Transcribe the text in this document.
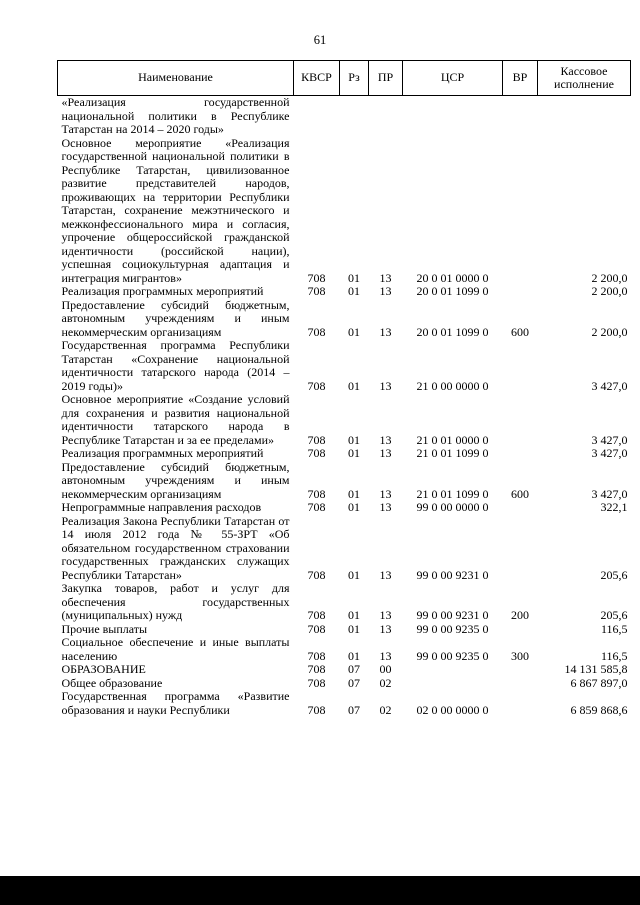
61
Наименование	КВСР	Рз	ПР	ЦСР	ВР	Кассовое исполнение
«Реализация государственной национальной политики в Республике Татарстан на 2014 – 2020 годы»						
Основное мероприятие «Реализация государственной национальной политики в Республике Татарстан, цивилизованное развитие представителей народов, проживающих на территории Республики Татарстан, сохранение межэтнического и межконфессионального мира и согласия, упрочение общероссийской гражданской идентичности (российской нации), успешная социокультурная адаптация и интеграция мигрантов»	708	01	13	20 0 01 0000 0		2 200,0
Реализация программных мероприятий	708	01	13	20 0 01 1099 0		2 200,0
Предоставление субсидий бюджетным, автономным учреждениям и иным некоммерческим организациям	708	01	13	20 0 01 1099 0	600	2 200,0
Государственная программа Республики Татарстан «Сохранение национальной идентичности татарского народа (2014 – 2019 годы)»	708	01	13	21 0 00 0000 0		3 427,0
Основное мероприятие «Создание условий для сохранения и развития национальной идентичности татарского народа в Республике Татарстан и за ее пределами»	708	01	13	21 0 01 0000 0		3 427,0
Реализация программных мероприятий	708	01	13	21 0 01 1099 0		3 427,0
Предоставление субсидий бюджетным, автономным учреждениям и иным некоммерческим организациям	708	01	13	21 0 01 1099 0	600	3 427,0
Непрограммные направления расходов	708	01	13	99 0 00 0000 0		322,1
Реализация Закона Республики Татарстан от 14 июля 2012 года № 55-ЗРТ «Об обязательном государственном страховании государственных гражданских служащих Республики Татарстан»	708	01	13	99 0 00 9231 0		205,6
Закупка товаров, работ и услуг для обеспечения государственных (муниципальных) нужд	708	01	13	99 0 00 9231 0	200	205,6
Прочие выплаты	708	01	13	99 0 00 9235 0		116,5
Социальное обеспечение и иные выплаты населению	708	01	13	99 0 00 9235 0	300	116,5
ОБРАЗОВАНИЕ	708	07	00			14 131 585,8
Общее образование	708	07	02			6 867 897,0
Государственная программа «Развитие образования и науки Республики	708	07	02	02 0 00 0000 0		6 859 868,6
